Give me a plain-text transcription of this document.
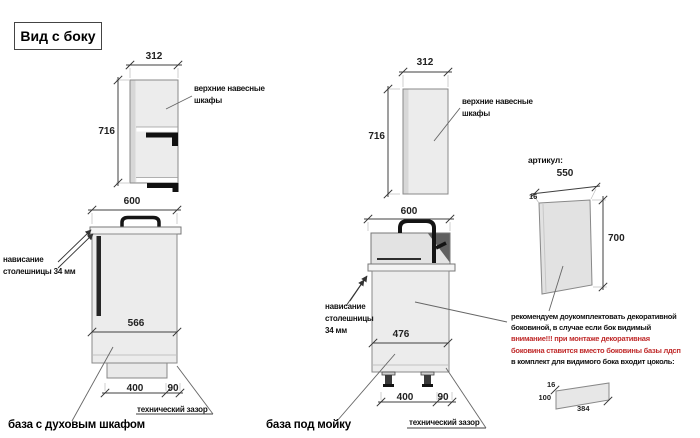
Вид с боку
312
716
верхние навесные
шкафы
600
нависание
столешницы 34 мм
566
400	90
технический зазор
база с духовым шкафом
312
716
верхние навесные
шкафы
600
нависание
столешницы
34 мм	476
400	90
технический зазор
база под мойку
артикул:
550
16
700
рекомендуем доукомплектовать декоративной
боковиной, в случае если бок видимый
внимание!!! при монтаже декоративная
боковина ставится вместо боковины базы лдсп
в комплект для видимого бока входит цоколь:
16
100
384
